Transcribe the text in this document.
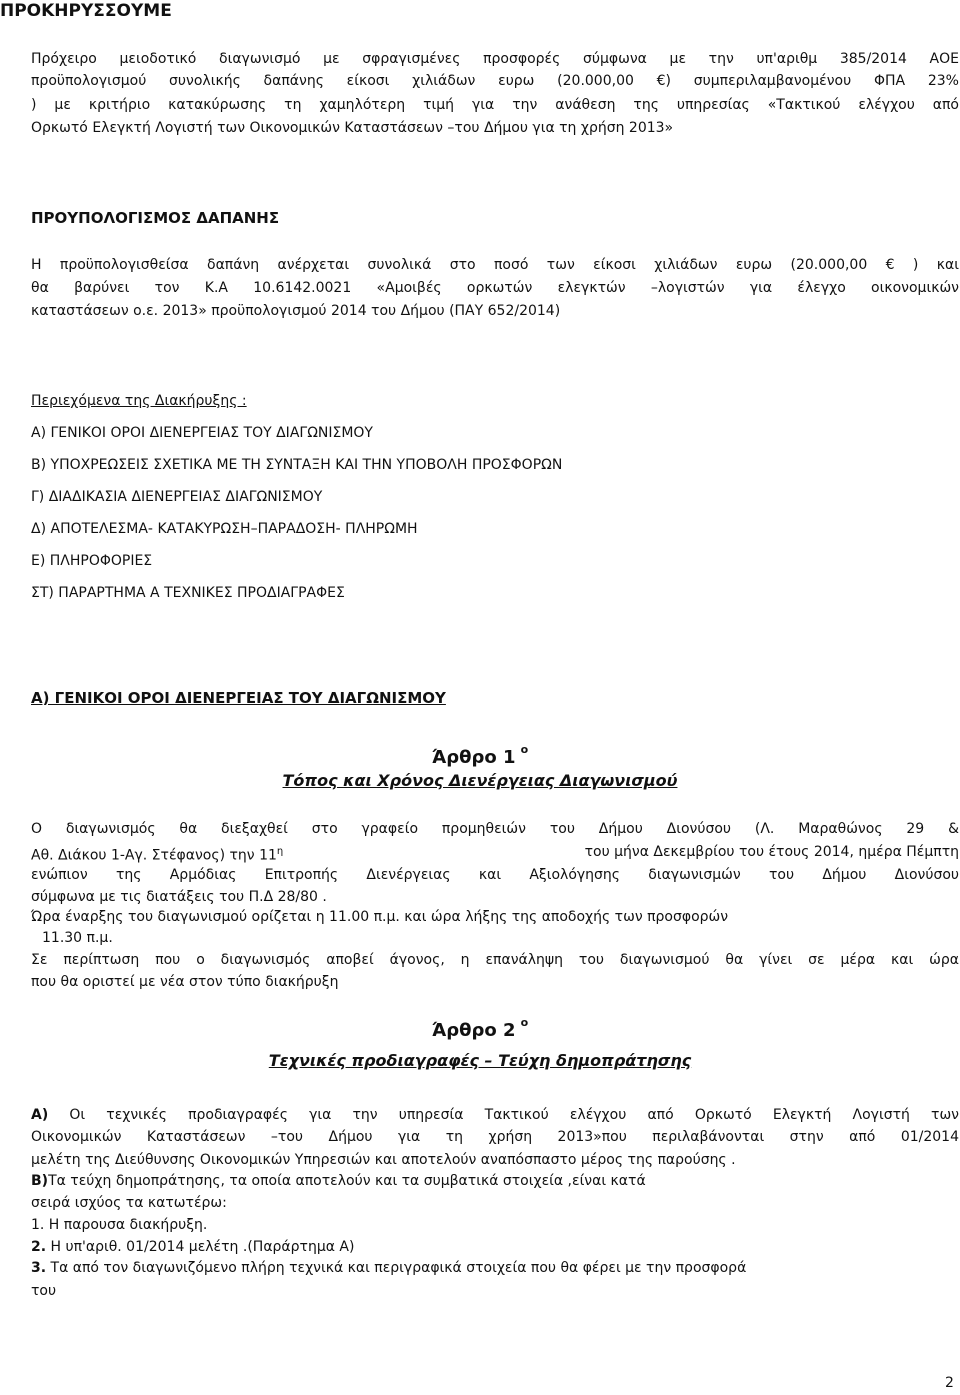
ΠΡΟΚΗΡΥΣΣΟΥΜΕ
Πρόχειρο μειοδοτικό διαγωνισμό με σφραγισμένες προσφορές σύμφωνα με την υπ'αριθμ 385/2014 ΑΟΕ
προϋπολογισμού συνολικής δαπάνης είκοσι χιλιάδων ευρω (20.000,00 €) συμπεριλαμβανομένου ΦΠΑ 23%
) με κριτήριο κατακύρωσης τη χαμηλότερη τιμή για την ανάθεση της υπηρεσίας «Τακτικού ελέγχου από
Ορκωτό Ελεγκτή Λογιστή των Οικονομικών Καταστάσεων –του Δήμου για τη χρήση 2013»
ΠΡΟΥΠΟΛΟΓΙΣΜΟΣ ΔΑΠΑΝΗΣ
Η προϋπολογισθείσα δαπάνη ανέρχεται συνολικά στο ποσό των είκοσι χιλιάδων ευρω (20.000,00 € ) και
θα βαρύνει τον Κ.Α 10.6142.0021 «Αμοιβές ορκωτών ελεγκτών –λογιστών για έλεγχο οικονομικών
καταστάσεων ο.ε. 2013» προϋπολογισμού 2014 του Δήμου (ΠΑΥ 652/2014)
Περιεχόμενα της Διακήρυξης :
Α) ΓΕΝΙΚΟΙ ΟΡΟΙ ΔΙΕΝΕΡΓΕΙΑΣ ΤΟΥ ΔΙΑΓΩΝΙΣΜΟΥ
Β) ΥΠΟΧΡΕΩΣΕΙΣ ΣΧΕΤΙΚΑ ΜΕ ΤΗ ΣΥΝΤΑΞΗ ΚΑΙ ΤΗΝ ΥΠΟΒΟΛΗ ΠΡΟΣΦΟΡΩΝ
Γ) ΔΙΑΔΙΚΑΣΙΑ ΔΙΕΝΕΡΓΕΙΑΣ ΔΙΑΓΩΝΙΣΜΟΥ
Δ) ΑΠΟΤΕΛΕΣΜΑ- ΚΑΤΑΚΥΡΩΣΗ–ΠΑΡΑΔΟΣΗ- ΠΛΗΡΩΜΗ
Ε) ΠΛΗΡΟΦΟΡΙΕΣ
ΣΤ) ΠΑΡΑΡΤΗΜΑ Α ΤΕΧΝΙΚΕΣ ΠΡΟΔΙΑΓΡΑΦΕΣ
Α) ΓΕΝΙΚΟΙ ΟΡΟΙ ΔΙΕΝΕΡΓΕΙΑΣ ΤΟΥ ΔΙΑΓΩΝΙΣΜΟΥ
Άρθρο 1 $^o$
Τόπος και Χρόνος Διενέργειας Διαγωνισμού
Ο διαγωνισμός θα διεξαχθεί στο γραφείο προμηθειών του Δήμου Διονύσου (Λ. Μαραθώνος 29 &
Αθ. Διάκου 1-Αγ. Στέφανος) την $11^\eta$	του μήνα Δεκεμβρίου του έτους 2014, ημέρα Πέμπτη
ενώπιον της Αρμόδιας Επιτροπής Διενέργειας και Αξιολόγησης διαγωνισμών του Δήμου Διονύσου
σύμφωνα με τις διατάξεις του Π.Δ 28/80 .
Ώρα έναρξης του διαγωνισμού ορίζεται η 11.00 π.μ. και ώρα λήξης της αποδοχής των προσφορών
11.30 π.μ.
Σε περίπτωση που ο διαγωνισμός αποβεί άγονος, η επανάληψη του διαγωνισμού θα γίνει σε μέρα και ώρα
που θα οριστεί με νέα στον τύπο διακήρυξη
Άρθρο 2 $^o$
Τεχνικές προδιαγραφές – Τεύχη δημοπράτησης
Α) Οι τεχνικές προδιαγραφές για την υπηρεσία Τακτικού ελέγχου από Ορκωτό Ελεγκτή Λογιστή των
Οικονομικών Καταστάσεων –του Δήμου για τη χρήση 2013»που περιλαβάνονται στην από 01/2014
μελέτη της Διεύθυνσης Οικονομικών Υπηρεσιών και αποτελούν αναπόσπαστο μέρος της παρούσης .
Β)Τα τεύχη δημοπράτησης, τα οποία αποτελούν και τα συμβατικά στοιχεία ,είναι κατά
σειρά ισχύος τα κατωτέρω:
1. Η παρουσα διακήρυξη.
2. Η υπ'αριθ. 01/2014 μελέτη .(Παράρτημα Α)
3. Τα από τον διαγωνιζόμενο πλήρη τεχνικά και περιγραφικά στοιχεία που θα φέρει με την προσφορά
του
2
